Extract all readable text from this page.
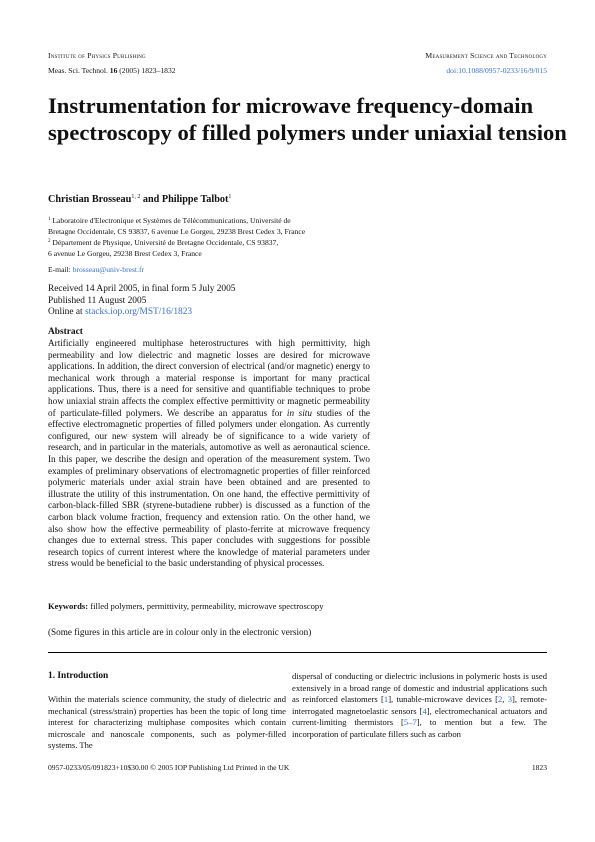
Institute of Physics Publishing	Measurement Science and Technology
Meas. Sci. Technol. 16 (2005) 1823–1832	doi:10.1088/0957-0233/16/9/015
Instrumentation for microwave frequency-domain spectroscopy of filled polymers under uniaxial tension
Christian Brosseau$^{1, 2}$ and Philippe Talbot$^1$
$^1$ Laboratoire d'Electronique et Systèmes de Télécommunications, Université de
Bretagne Occidentale, CS 93837, 6 avenue Le Gorgeu, 29238 Brest Cedex 3, France
$^2$ Département de Physique, Université de Bretagne Occidentale, CS 93837,
6 avenue Le Gorgeu, 29238 Brest Cedex 3, France
E-mail: brosseau@univ-brest.fr
Received 14 April 2005, in final form 5 July 2005
Published 11 August 2005
Online at stacks.iop.org/MST/16/1823
Abstract
Artificially engineered multiphase heterostructures with high permittivity, high permeability and low dielectric and magnetic losses are desired for microwave applications. In addition, the direct conversion of electrical (and/or magnetic) energy to mechanical work through a material response is important for many practical applications. Thus, there is a need for sensitive and quantifiable techniques to probe how uniaxial strain affects the complex effective permittivity or magnetic permeability of particulate-filled polymers. We describe an apparatus for in situ studies of the effective electromagnetic properties of filled polymers under elongation. As currently configured, our new system will already be of significance to a wide variety of research, and in particular in the materials, automotive as well as aeronautical science. In this paper, we describe the design and operation of the measurement system. Two examples of preliminary observations of electromagnetic properties of filler reinforced polymeric materials under axial strain have been obtained and are presented to illustrate the utility of this instrumentation. On one hand, the effective permittivity of carbon-black-filled SBR (styrene-butadiene rubber) is discussed as a function of the carbon black volume fraction, frequency and extension ratio. On the other hand, we also show how the effective permeability of plasto-ferrite at microwave frequency changes due to external stress. This paper concludes with suggestions for possible research topics of current interest where the knowledge of material parameters under stress would be beneficial to the basic understanding of physical processes.
Keywords: filled polymers, permittivity, permeability, microwave spectroscopy
(Some figures in this article are in colour only in the electronic version)
1. Introduction
Within the materials science community, the study of dielectric and mechanical (stress/strain) properties has been the topic of long time interest for characterizing multiphase composites which contain microscale and nanoscale components, such as polymer-filled systems. The
dispersal of conducting or dielectric inclusions in polymeric hosts is used extensively in a broad range of domestic and industrial applications such as reinforced elastomers [1], tunable-microwave devices [2, 3], remote-interrogated magnetoelastic sensors [4], electromechanical actuators and current-limiting thermistors [5–7], to mention but a few. The incorporation of particulate fillers such as carbon
0957-0233/05/091823+10$30.00 © 2005 IOP Publishing Ltd Printed in the UK	1823
